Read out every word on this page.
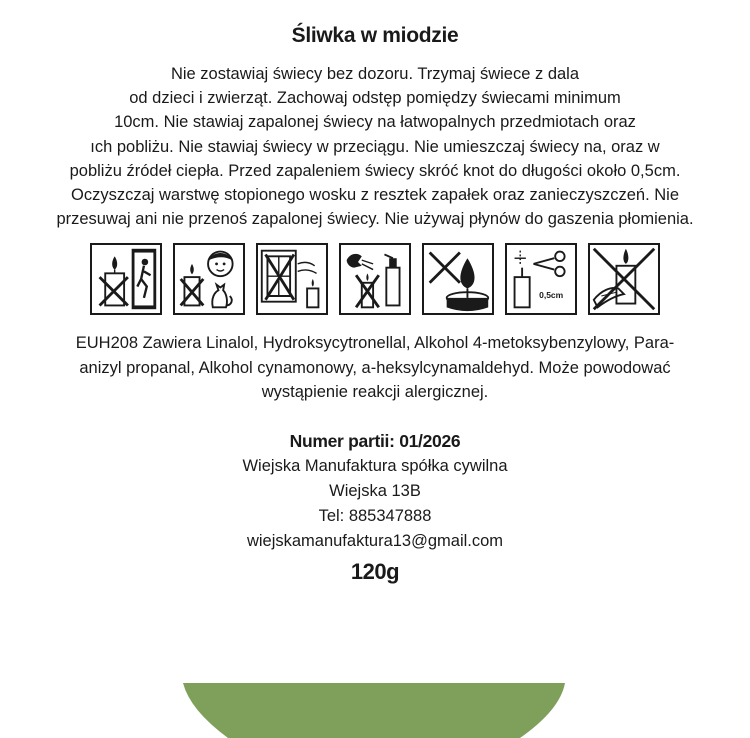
Śliwka w miodzie
Nie zostawiaj świecy bez dozoru. Trzymaj świece z dala
od dzieci i zwierząt. Zachowaj odstęp pomiędzy świecami minimum
10cm. Nie stawiaj zapalonej świecy na łatwopalnych przedmiotach oraz
ıch pobliżu. Nie stawiaj świecy w przeciągu. Nie umieszczaj świecy na, oraz w
pobliżu źródeł ciepła. Przed zapaleniem świecy skróć knot do długości około 0,5cm.
Oczyszczaj warstwę stopionego wosku z resztek zapałek oraz zanieczyszczeń. Nie
przesuwaj ani nie przenoś zapalonej świecy. Nie używaj płynów do gaszenia płomienia.
0,5cm
EUH208 Zawiera Linalol, Hydroksycytronellal, Alkohol 4-metoksybenzylowy, Para-
anizyl propanal, Alkohol cynamonowy, a-heksylcynamaldehyd. Może powodować
wystąpienie reakcji alergicznej.
Numer partii: 01/2026
Wiejska Manufaktura spółka cywilna
Wiejska 13B
Tel: 885347888
wiejskamanufaktura13@gmail.com
120g
